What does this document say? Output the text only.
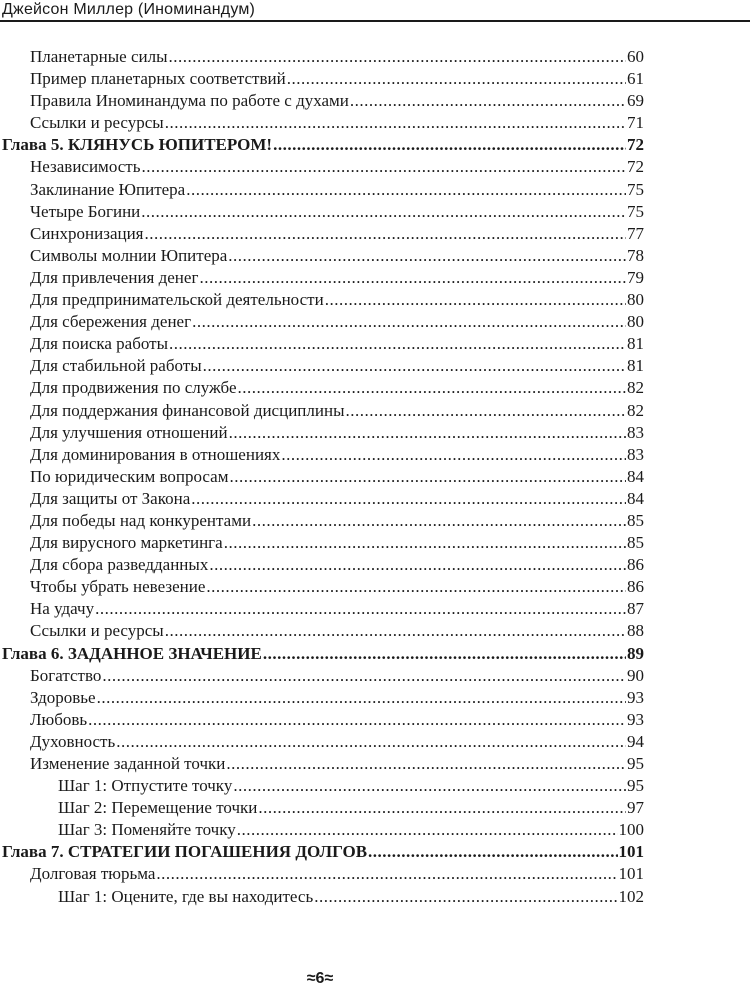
Джейсон Миллер (Иноминандум)
Планетарные силы .....	60
Пример планетарных соответствий .....	61
Правила Иноминандума по работе с духами .....	69
Ссылки и ресурсы .....	71
Глава 5. КЛЯНУСЬ ЮПИТЕРОМ! .....	72
Независимость .....	72
Заклинание Юпитера .....	75
Четыре Богини .....	75
Синхронизация .....	77
Символы молнии Юпитера .....	78
Для привлечения денег .....	79
Для предпринимательской деятельности .....	80
Для сбережения денег .....	80
Для поиска работы .....	81
Для стабильной работы .....	81
Для продвижения по службе .....	82
Для поддержания финансовой дисциплины .....	82
Для улучшения отношений .....	83
Для доминирования в отношениях .....	83
По юридическим вопросам .....	84
Для защиты от Закона .....	84
Для победы над конкурентами .....	85
Для вирусного маркетинга .....	85
Для сбора разведданных .....	86
Чтобы убрать невезение .....	86
На удачу .....	87
Ссылки и ресурсы .....	88
Глава 6. ЗАДАННОЕ ЗНАЧЕНИЕ .....	89
Богатство .....	90
Здоровье .....	93
Любовь .....	93
Духовность .....	94
Изменение заданной точки .....	95
Шаг 1: Отпустите точку .....	95
Шаг 2: Перемещение точки .....	97
Шаг 3: Поменяйте точку .....	100
Глава 7. СТРАТЕГИИ ПОГАШЕНИЯ ДОЛГОВ .....	101
Долговая тюрьма .....	101
Шаг 1: Оцените, где вы находитесь .....	102
≈6≈
